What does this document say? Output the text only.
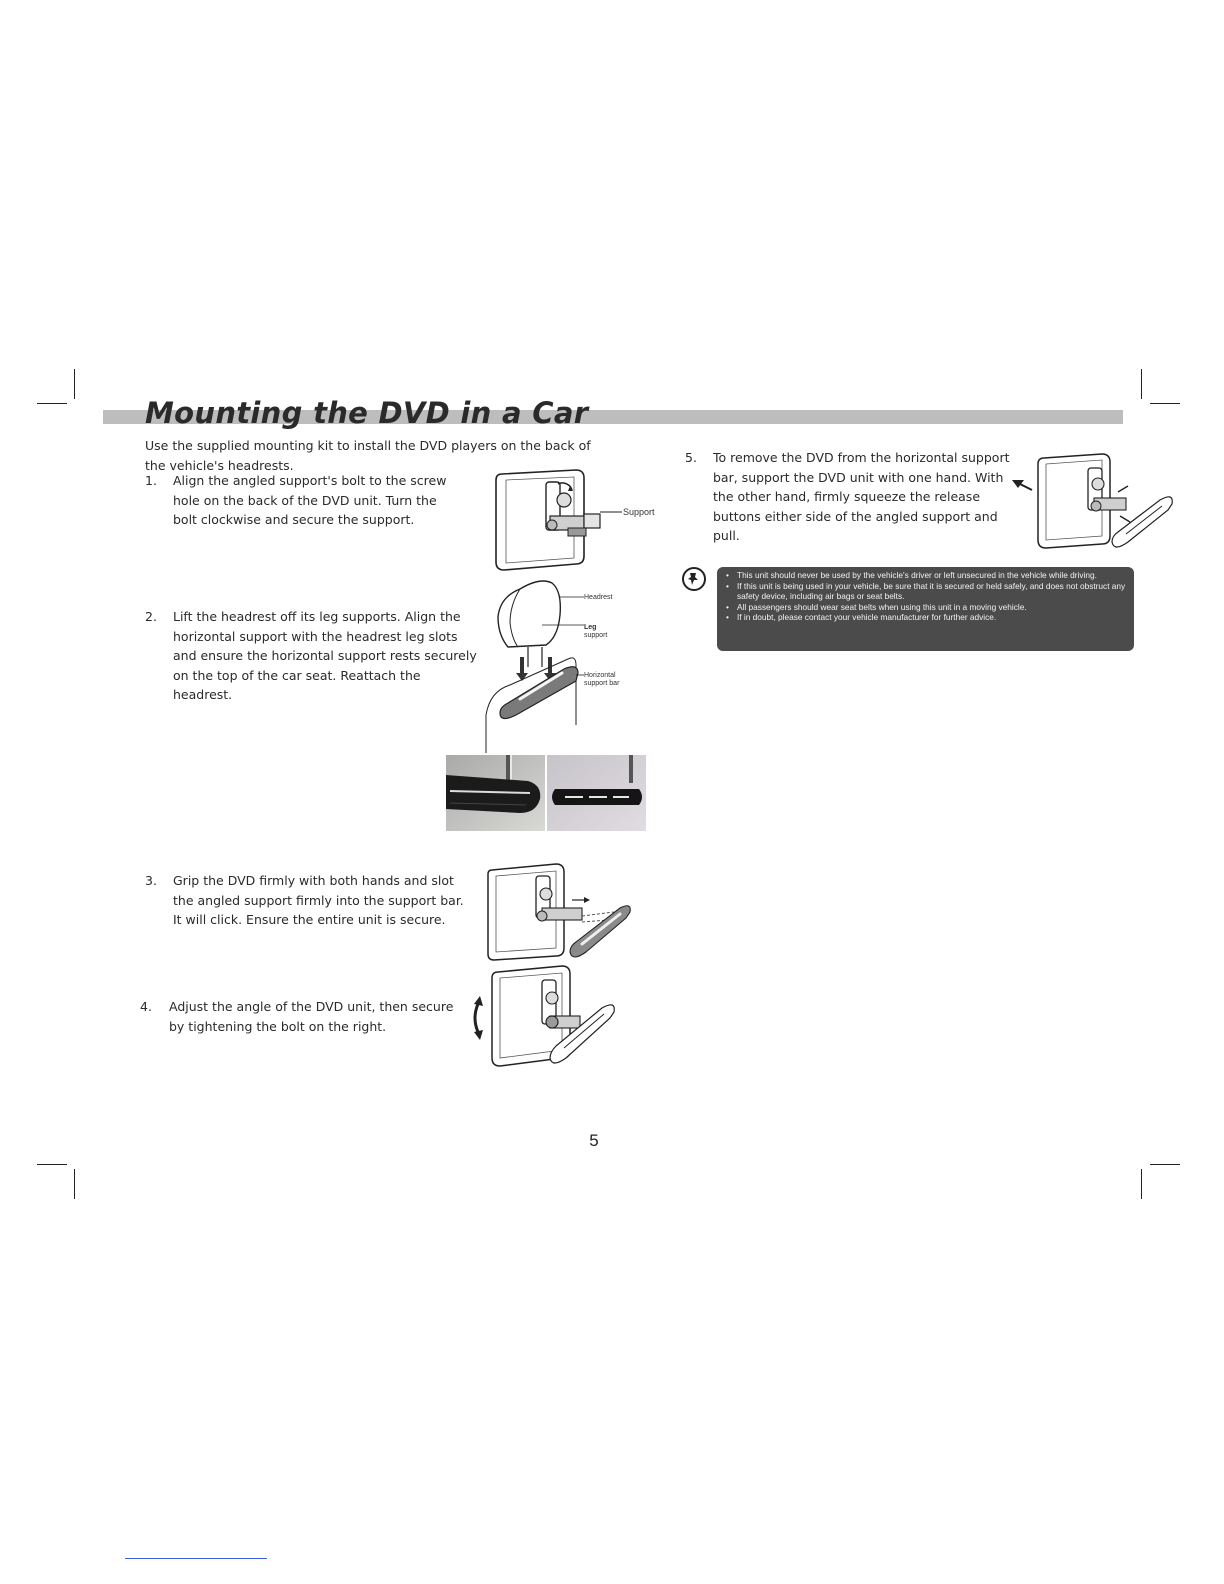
Mounting the DVD in a Car
Use the supplied mounting kit to install the DVD players on the back of the vehicle's headrests.
1. Align the angled support's bolt to the screw hole on the back of the DVD unit. Turn the bolt clockwise and secure the support.	Support
2. Lift the headrest off its leg supports. Align the horizontal support with the headrest leg slots and ensure the horizontal support rests securely on the top of the car seat. Reattach the headrest.
Headrest
Leg
support
Horizontal
support bar
3. Grip the DVD firmly with both hands and slot the angled support firmly into the support bar. It will click. Ensure the entire unit is secure.
4. Adjust the angle of the DVD unit, then secure by tightening the bolt on the right.
5. To remove the DVD from the horizontal support bar, support the DVD unit with one hand. With the other hand, firmly squeeze the release buttons either side of the angled support and pull.
• This unit should never be used by the vehicle's driver or left unsecured in the vehicle while driving.
• If this unit is being used in your vehicle, be sure that it is secured or held safely, and does not obstruct any safety device, including air bags or seat belts.
• All passengers should wear seat belts when using this unit in a moving vehicle.
• If in doubt, please contact your vehicle manufacturer for further advice.
5
